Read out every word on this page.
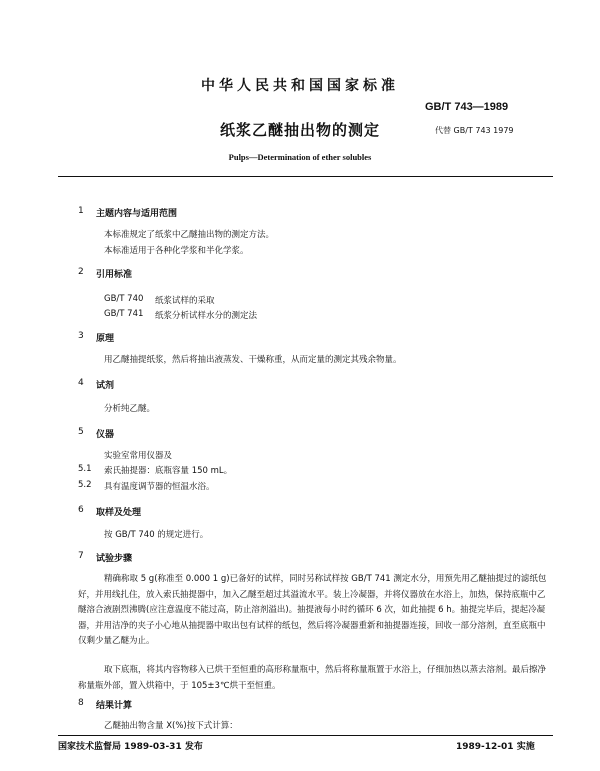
中华人民共和国国家标准
GB/T 743—1989
纸浆乙醚抽出物的测定	代替 GB/T 743 1979
Pulps—Determination of ether solubles
1 主题内容与适用范围
本标准规定了纸浆中乙醚抽出物的测定方法。
本标准适用于各种化学浆和半化学浆。
2 引用标准
GB/T 740 纸浆试样的采取
GB/T 741 纸浆分析试样水分的测定法
3 原理
用乙醚抽提纸浆，然后将抽出液蒸发、干燥称重，从而定量的测定其残余物量。
4 试剂
分析纯乙醚。
5 仪器
实验室常用仪器及
5.1 索氏抽提器：底瓶容量 150 mL。
5.2 具有温度调节器的恒温水浴。
6 取样及处理
按 GB/T 740 的规定进行。
7 试验步骤
精确称取 5 g(称准至 0.000 1 g)已备好的试样，同时另称试样按 GB/T 741 测定水分，用预先用乙醚抽提过的滤纸包好，并用线扎住，放入索氏抽提器中，加入乙醚至超过其溢流水平。装上冷凝器，并将仪器放在水浴上，加热，保持底瓶中乙醚溶合液剧烈沸腾(应注意温度不能过高，防止溶剂溢出)。抽提液每小时约循环 6 次，如此抽提 6 h。抽提完毕后，提起冷凝器，并用洁净的夹子小心地从抽提器中取出包有试样的纸包，然后将冷凝器重新和抽提器连接，回收一部分溶剂，直至底瓶中仅剩少量乙醚为止。
取下底瓶，将其内容物移入已烘干至恒重的高形称量瓶中，然后将称量瓶置于水浴上，仔细加热以蒸去溶剂。最后擦净称量瓶外部，置入烘箱中，于 105±3℃烘干至恒重。
8 结果计算
乙醚抽出物含量 X(%)按下式计算：
国家技术监督局 1989-03-31 发布	1989-12-01 实施
